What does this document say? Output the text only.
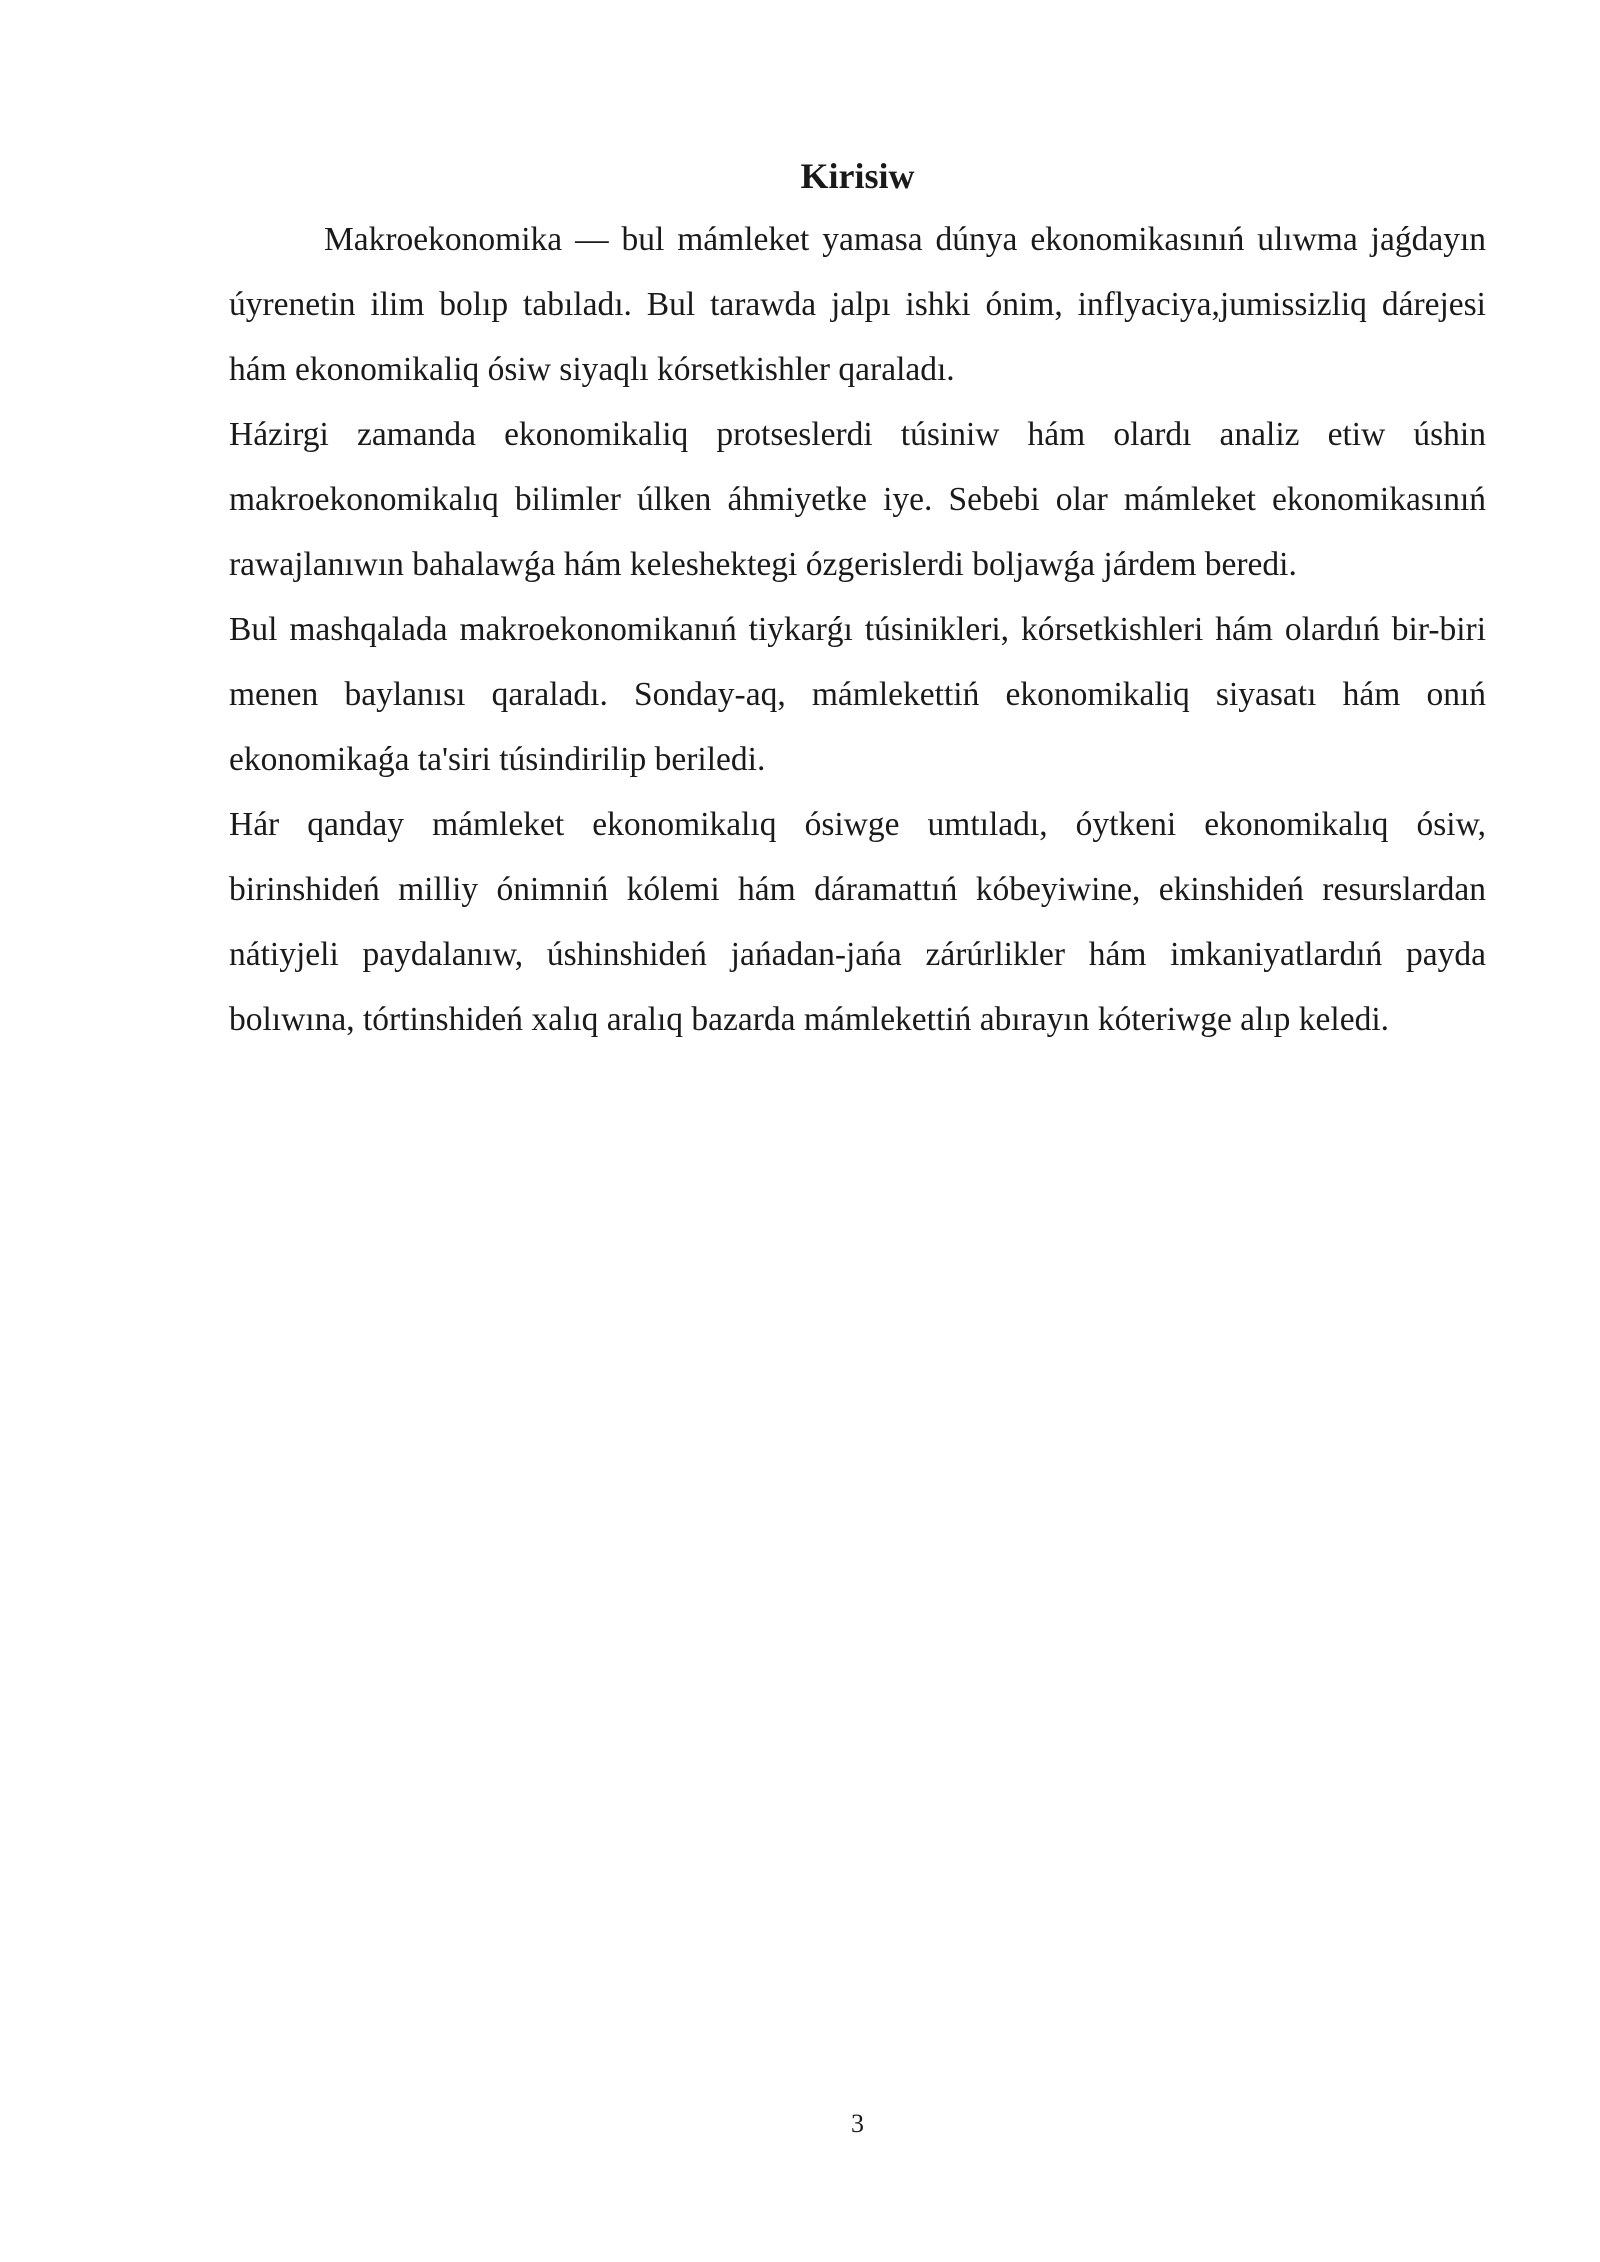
Kirisiw

Makroekonomika — bul mámleket yamasa dúnya ekonomikasınıń ulıwma jaǵdayın úyrenetin ilim bolıp tabıladı. Bul tarawda jalpı ishki ónim, inflyaciya,jumissizliq dárejesi hám ekonomikaliq ósiw siyaqlı kórsetkishler qaraladı.

Házirgi zamanda ekonomikaliq protseslerdi túsiniw hám olardı analiz etiw úshin makroekonomikalıq bilimler úlken áhmiyetke iye. Sebebi olar mámleket ekonomikasınıń rawajlanıwın bahalawǵa hám keleshektegi ózgerislerdi boljawǵa járdem beredi.

Bul mashqalada makroekonomikanıń tiykarǵı túsinikleri, kórsetkishleri hám olardıń bir-biri menen baylanısı qaraladı. Sonday-aq, mámlekettiń ekonomikaliq siyasatı hám onıń ekonomikaǵa ta'siri túsindirilip beriledi.

Hár qanday mámleket ekonomikalıq ósiwge umtıladı, óytkeni ekonomikalıq ósiw, birinshideń milliy ónimniń kólemi hám dáramattıń kóbeyiwine, ekinshideń resurslardan nátiyjeli paydalanıw, úshinshideń jańadan-jańa zárúrlikler hám imkaniyatlardıń payda bolıwına, tórtinshideń xalıq aralıq bazarda mámlekettiń abırayın kóteriwge alıp keledi.

3
